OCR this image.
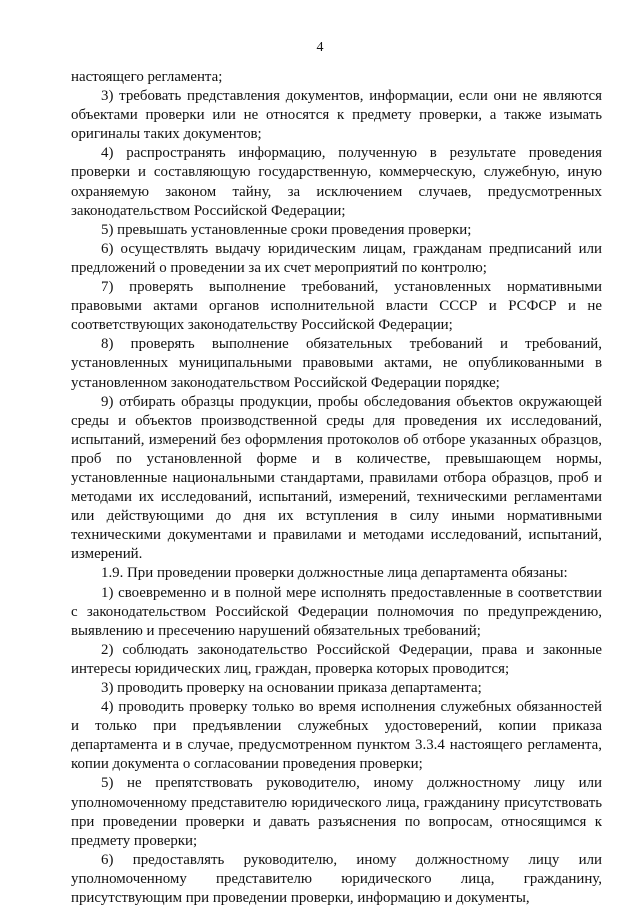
4

настоящего регламента;

3) требовать представления документов, информации, если они не являются объектами проверки или не относятся к предмету проверки, а также изымать оригиналы таких документов;

4) распространять информацию, полученную в результате проведения проверки и составляющую государственную, коммерческую, служебную, иную охраняемую законом тайну, за исключением случаев, предусмотренных законодательством Российской Федерации;

5) превышать установленные сроки проведения проверки;

6) осуществлять выдачу юридическим лицам, гражданам предписаний или предложений о проведении за их счет мероприятий по контролю;

7) проверять выполнение требований, установленных нормативными правовыми актами органов исполнительной власти СССР и РСФСР и не соответствующих законодательству Российской Федерации;

8) проверять выполнение обязательных требований и требований, установленных муниципальными правовыми актами, не опубликованными в установленном законодательством Российской Федерации порядке;

9) отбирать образцы продукции, пробы обследования объектов окружающей среды и объектов производственной среды для проведения их исследований, испытаний, измерений без оформления протоколов об отборе указанных образцов, проб по установленной форме и в количестве, превышающем нормы, установленные национальными стандартами, правилами отбора образцов, проб и методами их исследований, испытаний, измерений, техническими регламентами или действующими до дня их вступления в силу иными нормативными техническими документами и правилами и методами исследований, испытаний, измерений.

1.9. При проведении проверки должностные лица департамента обязаны:

1) своевременно и в полной мере исполнять предоставленные в соответствии с законодательством Российской Федерации полномочия по предупреждению, выявлению и пресечению нарушений обязательных требований;

2) соблюдать законодательство Российской Федерации, права и законные интересы юридических лиц, граждан, проверка которых проводится;

3) проводить проверку на основании приказа департамента;

4) проводить проверку только во время исполнения служебных обязанностей и только при предъявлении служебных удостоверений, копии приказа департамента и в случае, предусмотренном пунктом 3.3.4 настоящего регламента, копии документа о согласовании проведения проверки;

5) не препятствовать руководителю, иному должностному лицу или уполномоченному представителю юридического лица, гражданину присутствовать при проведении проверки и давать разъяснения по вопросам, относящимся к предмету проверки;

6) предоставлять руководителю, иному должностному лицу или уполномоченному представителю юридического лица, гражданину, присутствующим при проведении проверки, информацию и документы,
